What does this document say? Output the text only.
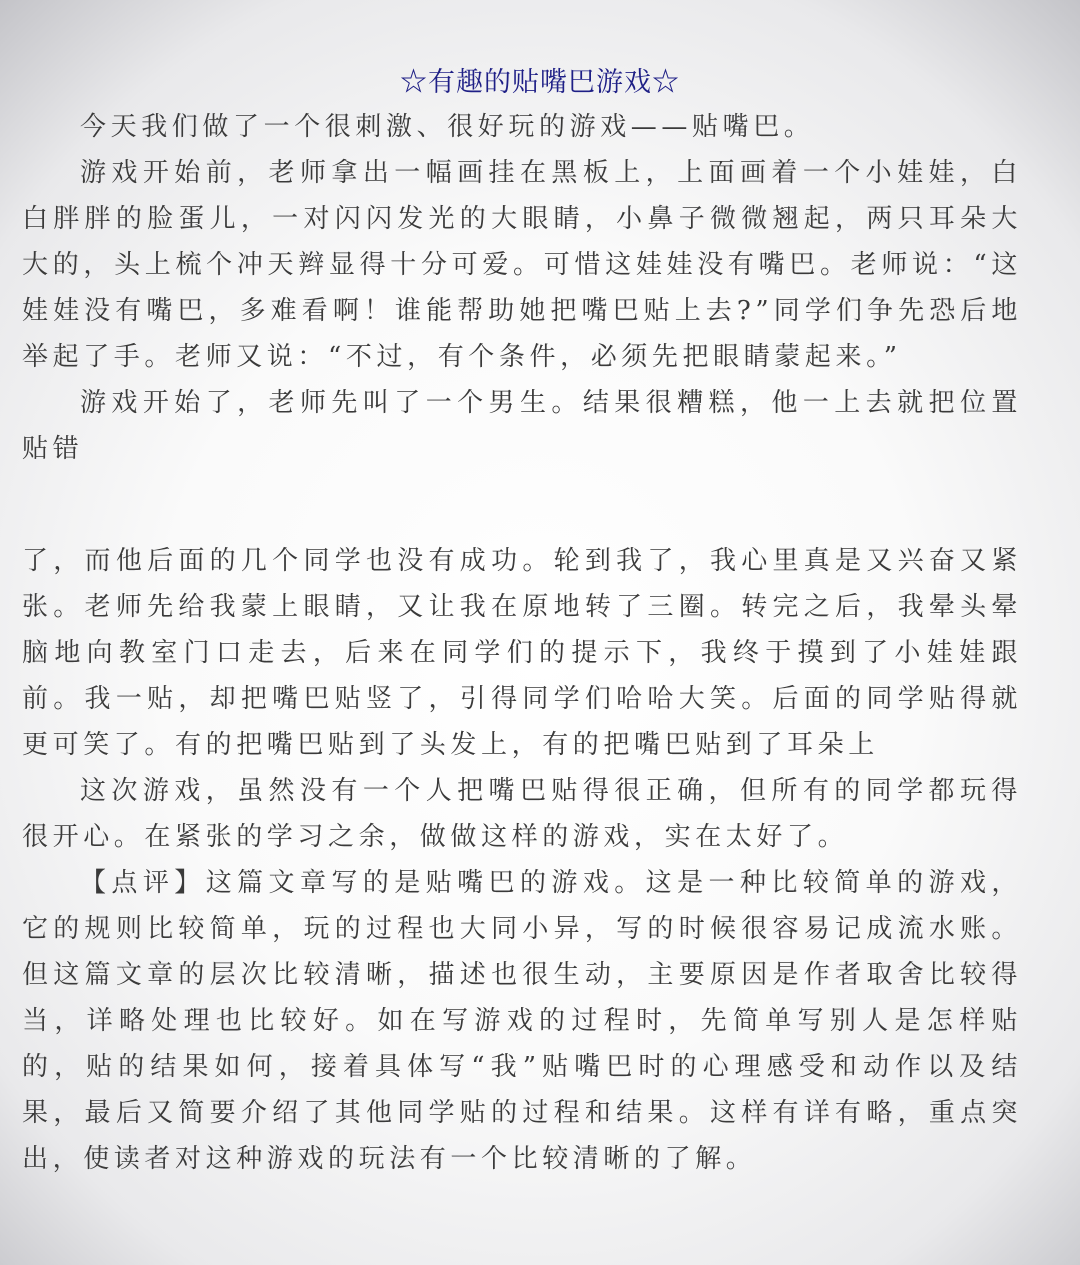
☆有趣的贴嘴巴游戏☆

今天我们做了一个很刺激、很好玩的游戏——贴嘴巴。

游戏开始前，老师拿出一幅画挂在黑板上，上面画着一个小娃娃，白白胖胖的脸蛋儿，一对闪闪发光的大眼睛，小鼻子微微翘起，两只耳朵大大的，头上梳个冲天辫显得十分可爱。可惜这娃娃没有嘴巴。老师说：“这娃娃没有嘴巴，多难看啊！谁能帮助她把嘴巴贴上去?”同学们争先恐后地举起了手。老师又说：“不过，有个条件，必须先把眼睛蒙起来。”

游戏开始了，老师先叫了一个男生。结果很糟糕，他一上去就把位置贴错

了，而他后面的几个同学也没有成功。轮到我了，我心里真是又兴奋又紧张。老师先给我蒙上眼睛，又让我在原地转了三圈。转完之后，我晕头晕脑地向教室门口走去，后来在同学们的提示下，我终于摸到了小娃娃跟前。我一贴，却把嘴巴贴竖了，引得同学们哈哈大笑。后面的同学贴得就更可笑了。有的把嘴巴贴到了头发上，有的把嘴巴贴到了耳朵上

这次游戏，虽然没有一个人把嘴巴贴得很正确，但所有的同学都玩得很开心。在紧张的学习之余，做做这样的游戏，实在太好了。

【点评】这篇文章写的是贴嘴巴的游戏。这是一种比较简单的游戏，它的规则比较简单，玩的过程也大同小异，写的时候很容易记成流水账。但这篇文章的层次比较清晰，描述也很生动，主要原因是作者取舍比较得当，详略处理也比较好。如在写游戏的过程时，先简单写别人是怎样贴的，贴的结果如何，接着具体写“我”贴嘴巴时的心理感受和动作以及结果，最后又简要介绍了其他同学贴的过程和结果。这样有详有略，重点突出，使读者对这种游戏的玩法有一个比较清晰的了解。
